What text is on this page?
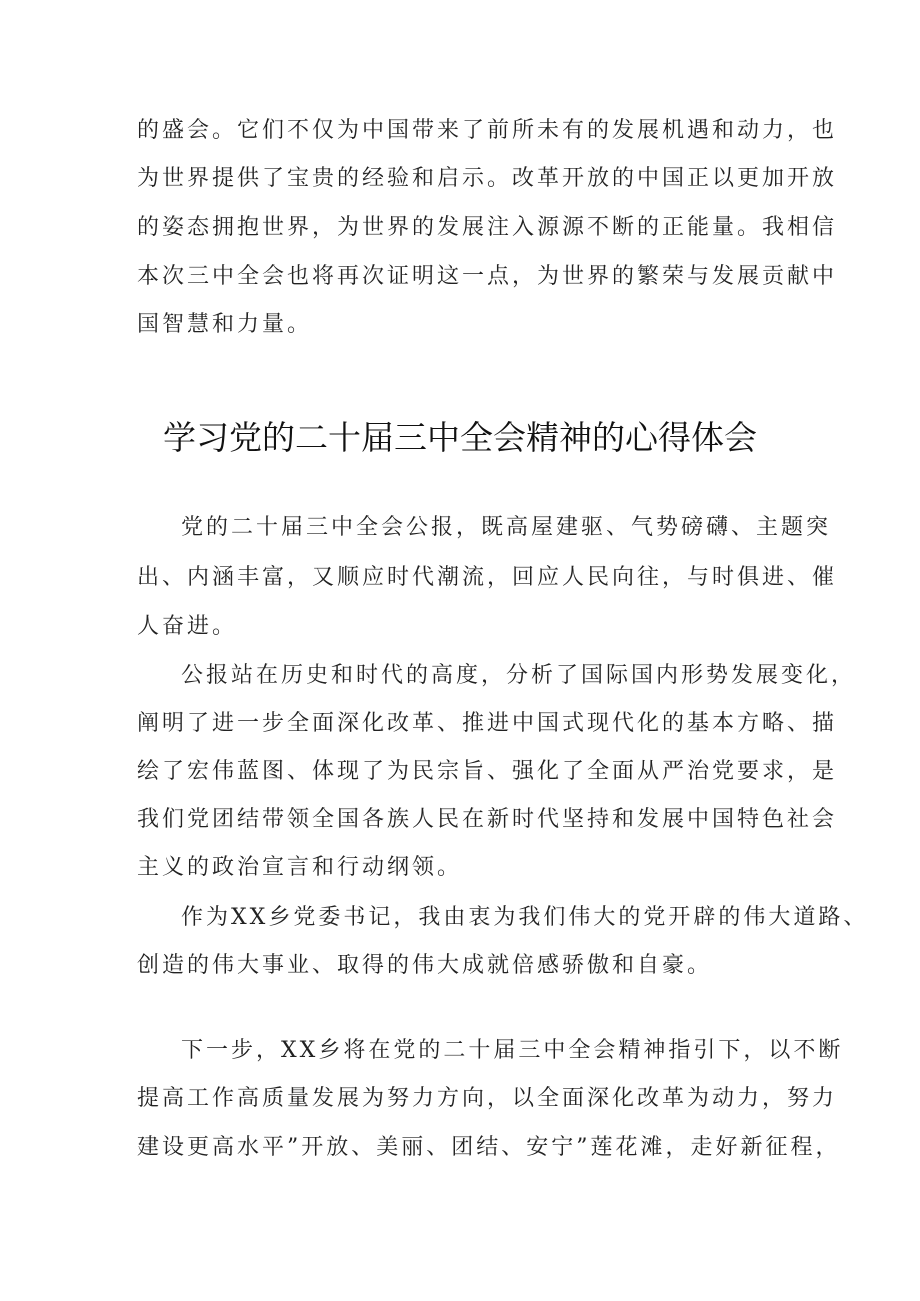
的盛会。它们不仅为中国带来了前所未有的发展机遇和动力，也
为世界提供了宝贵的经验和启示。改革开放的中国正以更加开放
的姿态拥抱世界，为世界的发展注入源源不断的正能量。我相信
本次三中全会也将再次证明这一点，为世界的繁荣与发展贡献中
国智慧和力量。
学习党的二十届三中全会精神的心得体会
党的二十届三中全会公报，既高屋建驱、气势磅礴、主题突
出、内涵丰富，又顺应时代潮流，回应人民向往，与时俱进、催
人奋进。
公报站在历史和时代的高度，分析了国际国内形势发展变化，
阐明了进一步全面深化改革、推进中国式现代化的基本方略、描
绘了宏伟蓝图、体现了为民宗旨、强化了全面从严治党要求，是
我们党团结带领全国各族人民在新时代坚持和发展中国特色社会
主义的政治宣言和行动纲领。
作为XX乡党委书记，我由衷为我们伟大的党开辟的伟大道路、
创造的伟大事业、取得的伟大成就倍感骄傲和自豪。
下一步，XX乡将在党的二十届三中全会精神指引下，以不断
提高工作高质量发展为努力方向，以全面深化改革为动力，努力
建设更高水平”开放、美丽、团结、安宁”莲花滩，走好新征程，
